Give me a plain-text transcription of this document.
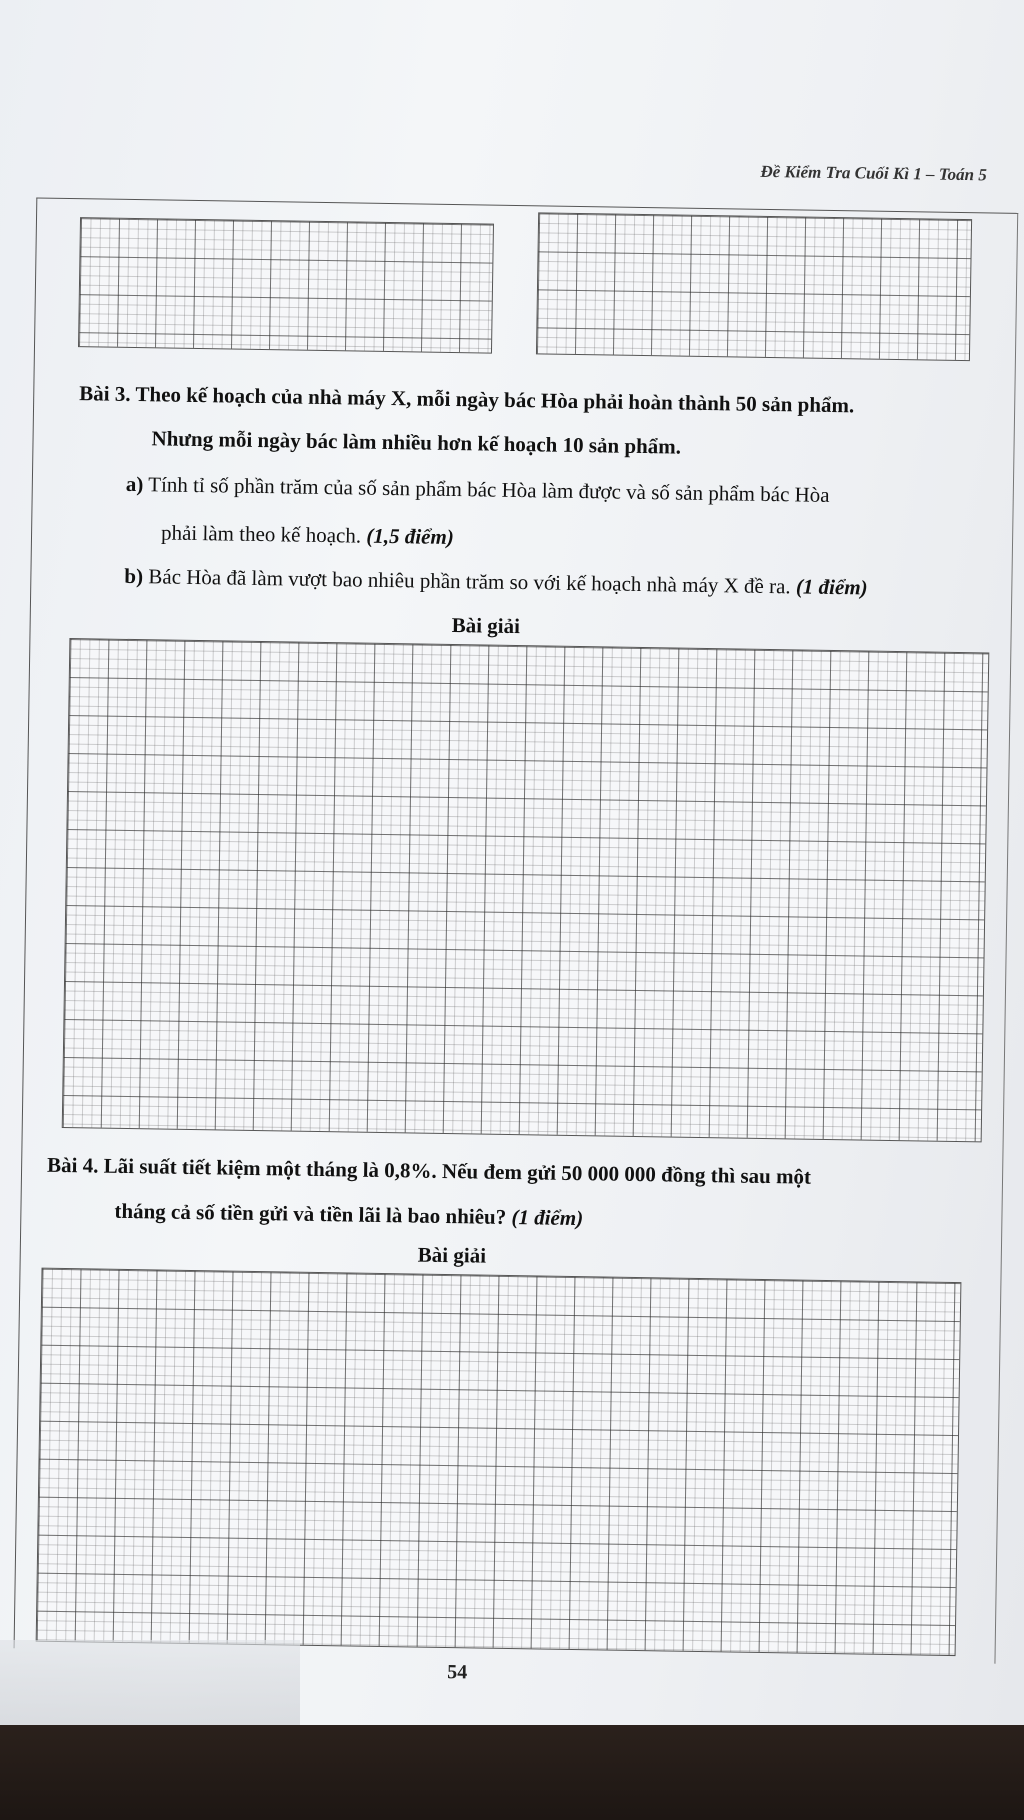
Đề Kiểm Tra Cuối Kì 1 – Toán 5
Bài 3. Theo kế hoạch của nhà máy X, mỗi ngày bác Hòa phải hoàn thành 50 sản phẩm.
Nhưng mỗi ngày bác làm nhiều hơn kế hoạch 10 sản phẩm.
a) Tính tỉ số phần trăm của số sản phẩm bác Hòa làm được và số sản phẩm bác Hòa
phải làm theo kế hoạch. (1,5 điểm)
b) Bác Hòa đã làm vượt bao nhiêu phần trăm so với kế hoạch nhà máy X đề ra. (1 điểm)
Bài giải
Bài 4. Lãi suất tiết kiệm một tháng là 0,8%. Nếu đem gửi 50 000 000 đồng thì sau một
tháng cả số tiền gửi và tiền lãi là bao nhiêu? (1 điểm)
Bài giải
54
